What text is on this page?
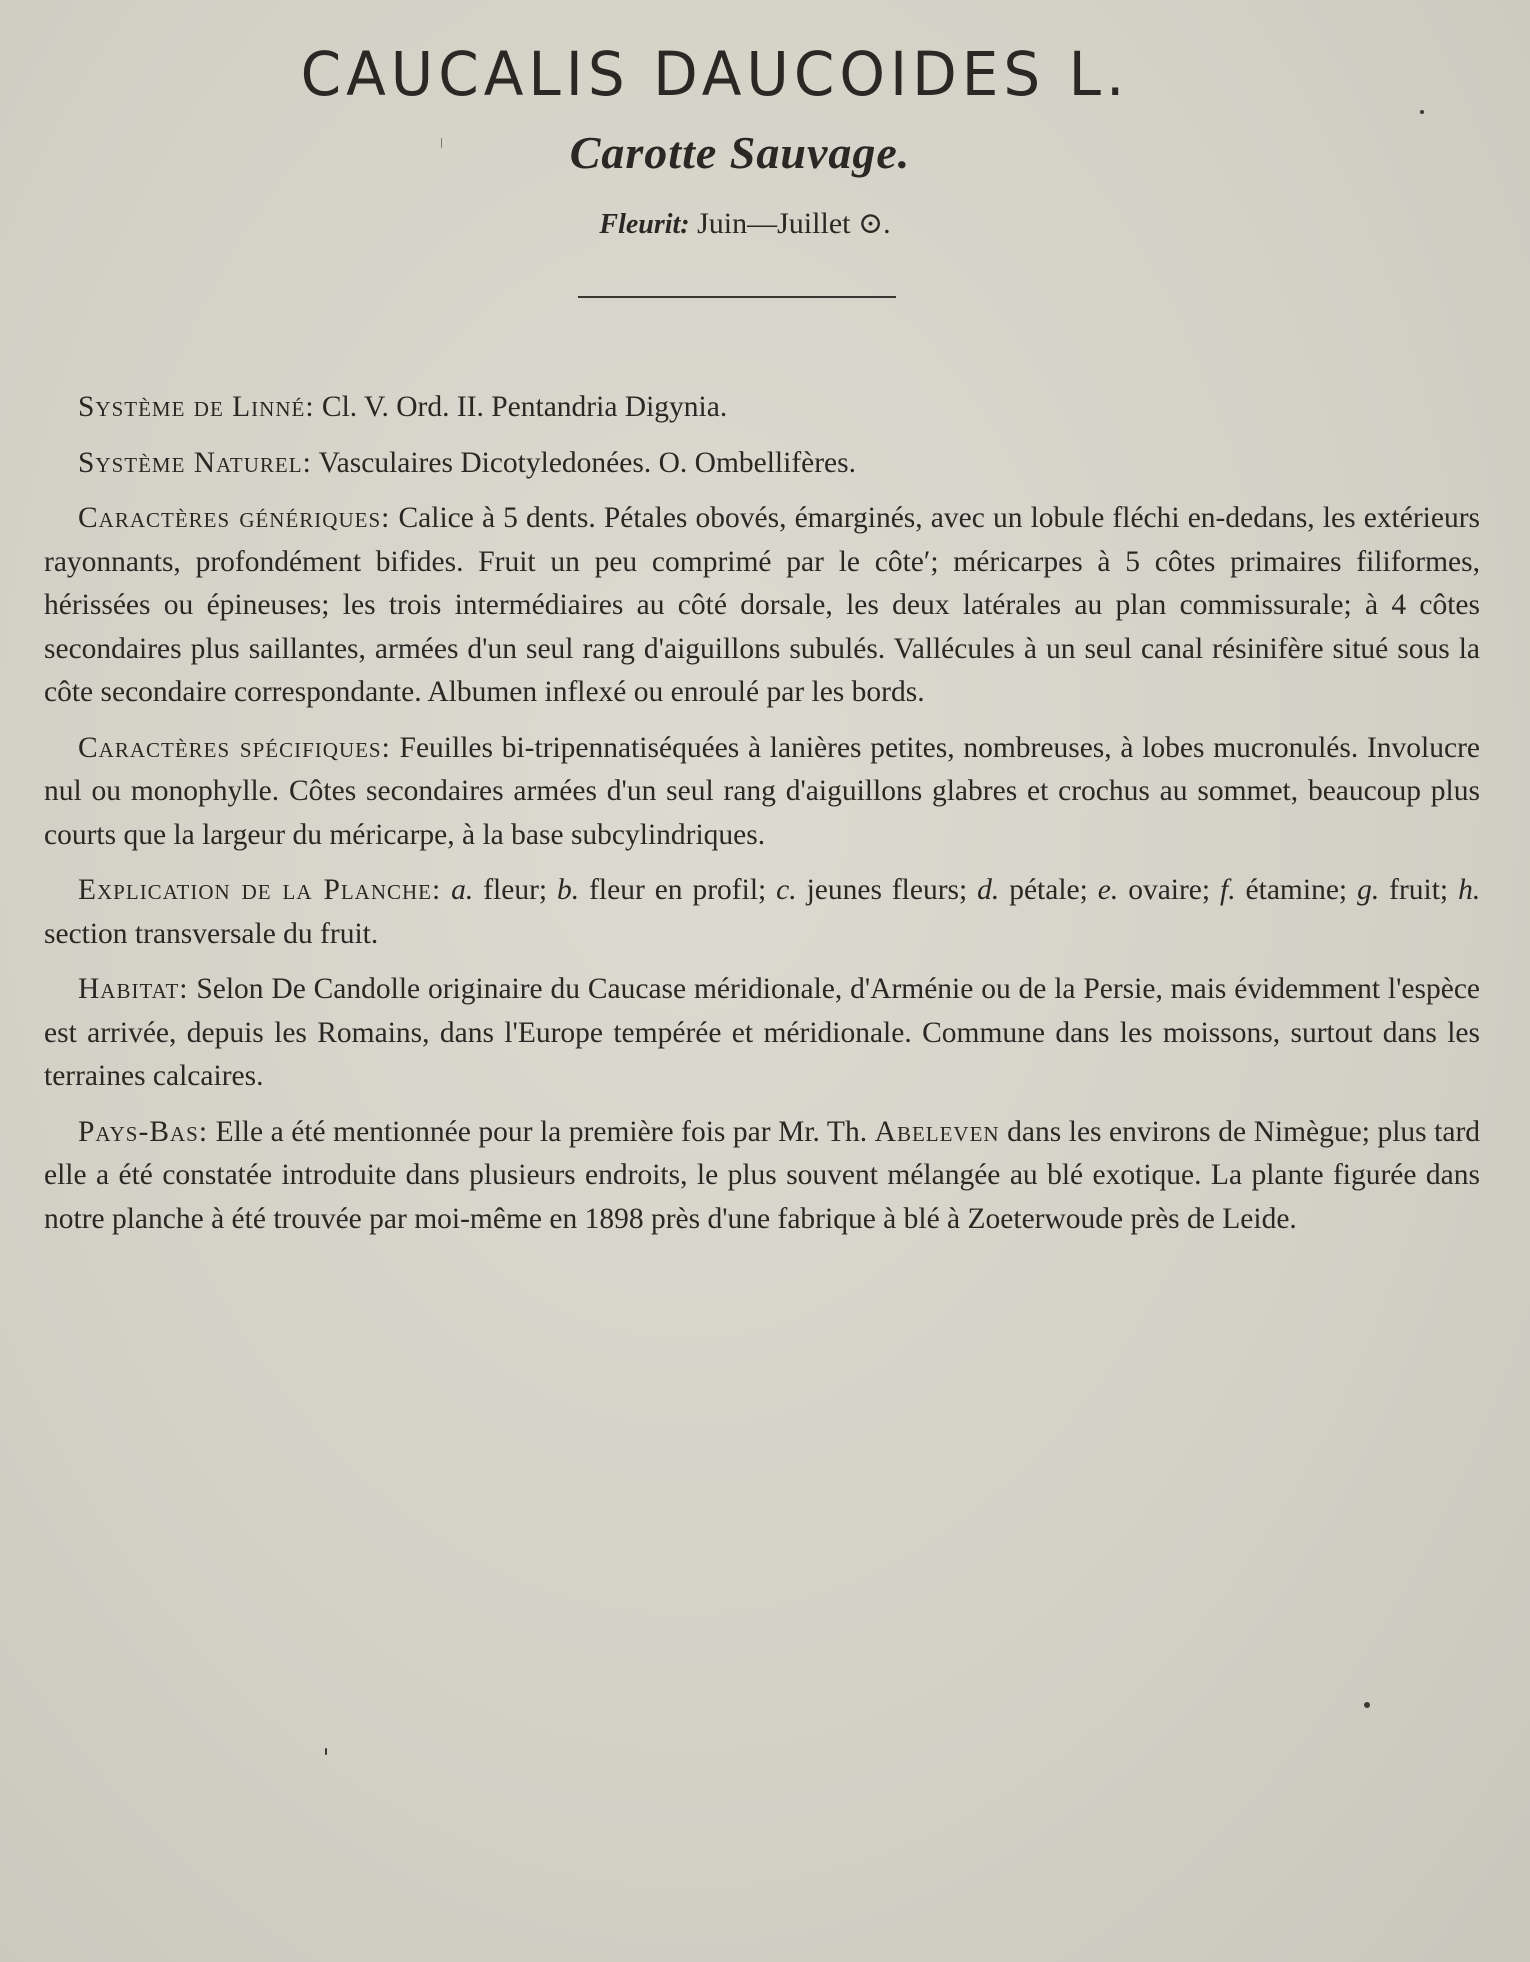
CAUCALIS DAUCOIDES L.
Carotte Sauvage.
Fleurit: Juin—Juillet ⊙.

Système de Linné: Cl. V. Ord. II. Pentandria Digynia.

Système Naturel: Vasculaires Dicotyledonées. O. Ombellifères.

Caractères génériques: Calice à 5 dents. Pétales obovés, émarginés, avec un lobule fléchi en-dedans, les extérieurs rayonnants, profondément bifides. Fruit un peu comprimé par le côte′; méricarpes à 5 côtes primaires filiformes, hérissées ou épineuses; les trois intermédiaires au côté dorsale, les deux latérales au plan commissurale; à 4 côtes secondaires plus saillantes, armées d'un seul rang d'aiguillons subulés. Vallécules à un seul canal résinifère situé sous la côte secondaire correspondante. Albumen inflexé ou enroulé par les bords.

Caractères spécifiques: Feuilles bi-tripennatiséquées à lanières petites, nombreuses, à lobes mucronulés. Involucre nul ou monophylle. Côtes secondaires armées d'un seul rang d'aiguillons glabres et crochus au sommet, beaucoup plus courts que la largeur du méricarpe, à la base subcylindriques.

Explication de la Planche: a. fleur; b. fleur en profil; c. jeunes fleurs; d. pétale; e. ovaire; f. étamine; g. fruit; h. section transversale du fruit.

Habitat: Selon De Candolle originaire du Caucase méridionale, d'Arménie ou de la Persie, mais évidemment l'espèce est arrivée, depuis les Romains, dans l'Europe tempérée et méridionale. Commune dans les moissons, surtout dans les terraines calcaires.

Pays-Bas: Elle a été mentionnée pour la première fois par Mr. Th. Abeleven dans les environs de Nimègue; plus tard elle a été constatée introduite dans plusieurs endroits, le plus souvent mélangée au blé exotique. La plante figurée dans notre planche à été trouvée par moi-même en 1898 près d'une fabrique à blé à Zoeterwoude près de Leide.
